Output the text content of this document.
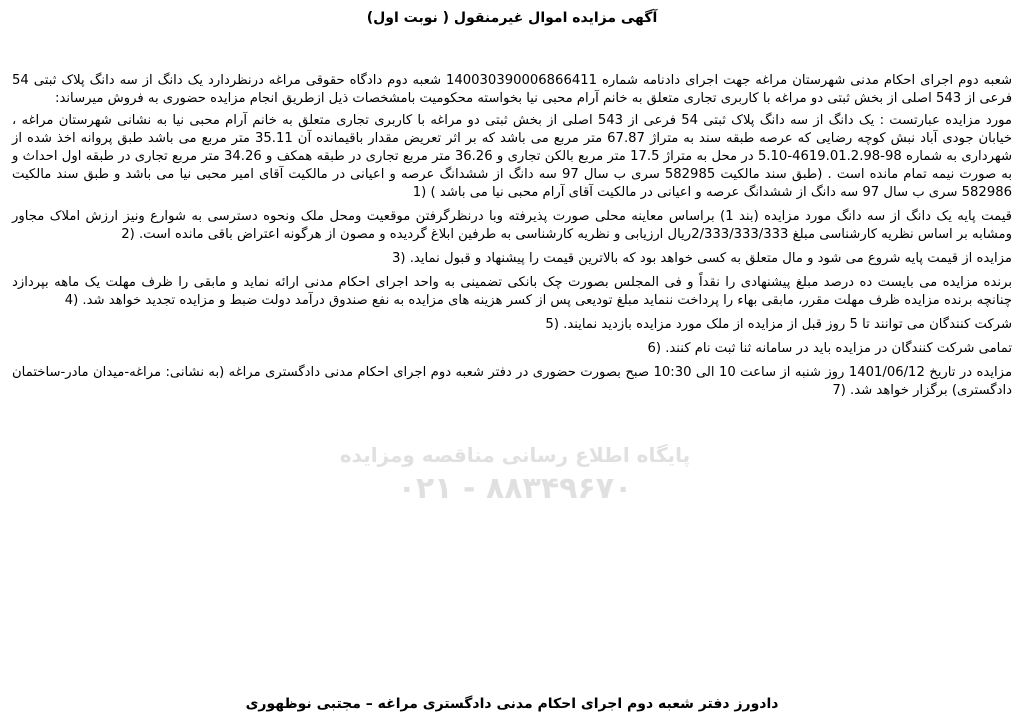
آگهی مزایده اموال غیرمنقول ( نوبت اول)
پایگاه اطلاع رسانی مناقصه ومزایده
۰۲۱ - ۸۸۳۴۹۶۷۰

شعبه دوم اجرای احکام مدنی شهرستان مراغه جهت اجرای دادنامه شماره 140030390006866411 شعبه دوم دادگاه حقوقی مراغه درنظردارد یک دانگ از سه دانگ پلاک ثبتی 54 فرعی از 543 اصلی از بخش ثبتی دو مراغه با کاربری تجاری متعلق به خانم آرام محبی نیا بخواسته محکومیت بامشخصات ذیل ازطریق انجام مزایده حضوری به فروش میرساند:

مورد مزایده عبارتست : یک دانگ از سه دانگ پلاک ثبتی 54 فرعی از 543 اصلی از بخش ثبتی دو مراغه با کاربری تجاری متعلق به خانم آرام محبی نیا به نشانی شهرستان مراغه ، خیابان جودی آباد نبش کوچه رضایی که عرصه طبقه سند به متراژ 67.87 متر مربع می باشد که بر اثر تعریض مقدار باقیمانده آن 35.11 متر مربع می باشد طبق پروانه اخذ شده از شهرداری به شماره 98-4619.01.2.98-5.10 در محل به متراژ 17.5 متر مربع بالکن تجاری و 36.26 متر مربع تجاری در طبقه همکف و 34.26 متر مربع تجاری در طبقه اول احداث و به صورت نیمه تمام مانده است . (طبق سند مالکیت 582985 سری ب سال 97 سه دانگ از ششدانگ عرصه و اعیانی در مالکیت آقای امیر محبی نیا می باشد و طبق سند مالکیت 582986 سری ب سال 97 سه دانگ از ششدانگ عرصه و اعیانی در مالکیت آقای آرام محبی نیا می باشد ) (1

قیمت پایه یک دانگ از سه دانگ مورد مزایده (بند 1) براساس معاینه محلی صورت پذیرفته وبا درنظرگرفتن موقعیت ومحل ملک ونحوه دسترسی به شوارع ونیز ارزش املاک مجاور ومشابه بر اساس نظریه کارشناسی مبلغ 2/333/333/333ریال ارزیابی و نظریه کارشناسی به طرفین ابلاغ گردیده و مصون از هرگونه اعتراض باقی مانده است. (2

مزایده از قیمت پایه شروع می شود و مال متعلق به کسی خواهد بود که بالاترین قیمت را پیشنهاد و قبول نماید. (3

برنده مزایده می بایست ده درصد مبلغ پیشنهادی را نقداً و فی المجلس بصورت چک بانکی تضمینی به واحد اجرای احکام مدنی ارائه نماید و مابقی را ظرف مهلت یک ماهه بپردازد چنانچه برنده مزایده ظرف مهلت مقرر، مابقی بهاء را پرداخت ننماید مبلغ تودیعی پس از کسر هزینه های مزایده به نفع صندوق درآمد دولت ضبط و مزایده تجدید خواهد شد. (4

شرکت کنندگان می توانند تا 5 روز قبل از مزایده از ملک مورد مزایده بازدید نمایند. (5

تمامی شرکت کنندگان در مزایده باید در سامانه ثنا ثبت نام کنند. (6

مزایده در تاریخ 1401/06/12 روز شنبه از ساعت 10 الی 10:30 صبح بصورت حضوری در دفتر شعبه دوم اجرای احکام مدنی دادگستری مراغه (به نشانی: مراغه-میدان مادر-ساختمان دادگستری) برگزار خواهد شد. (7

دادورز دفتر شعبه دوم اجرای احکام مدنی دادگستری مراغه – مجتبی نوظهوری
